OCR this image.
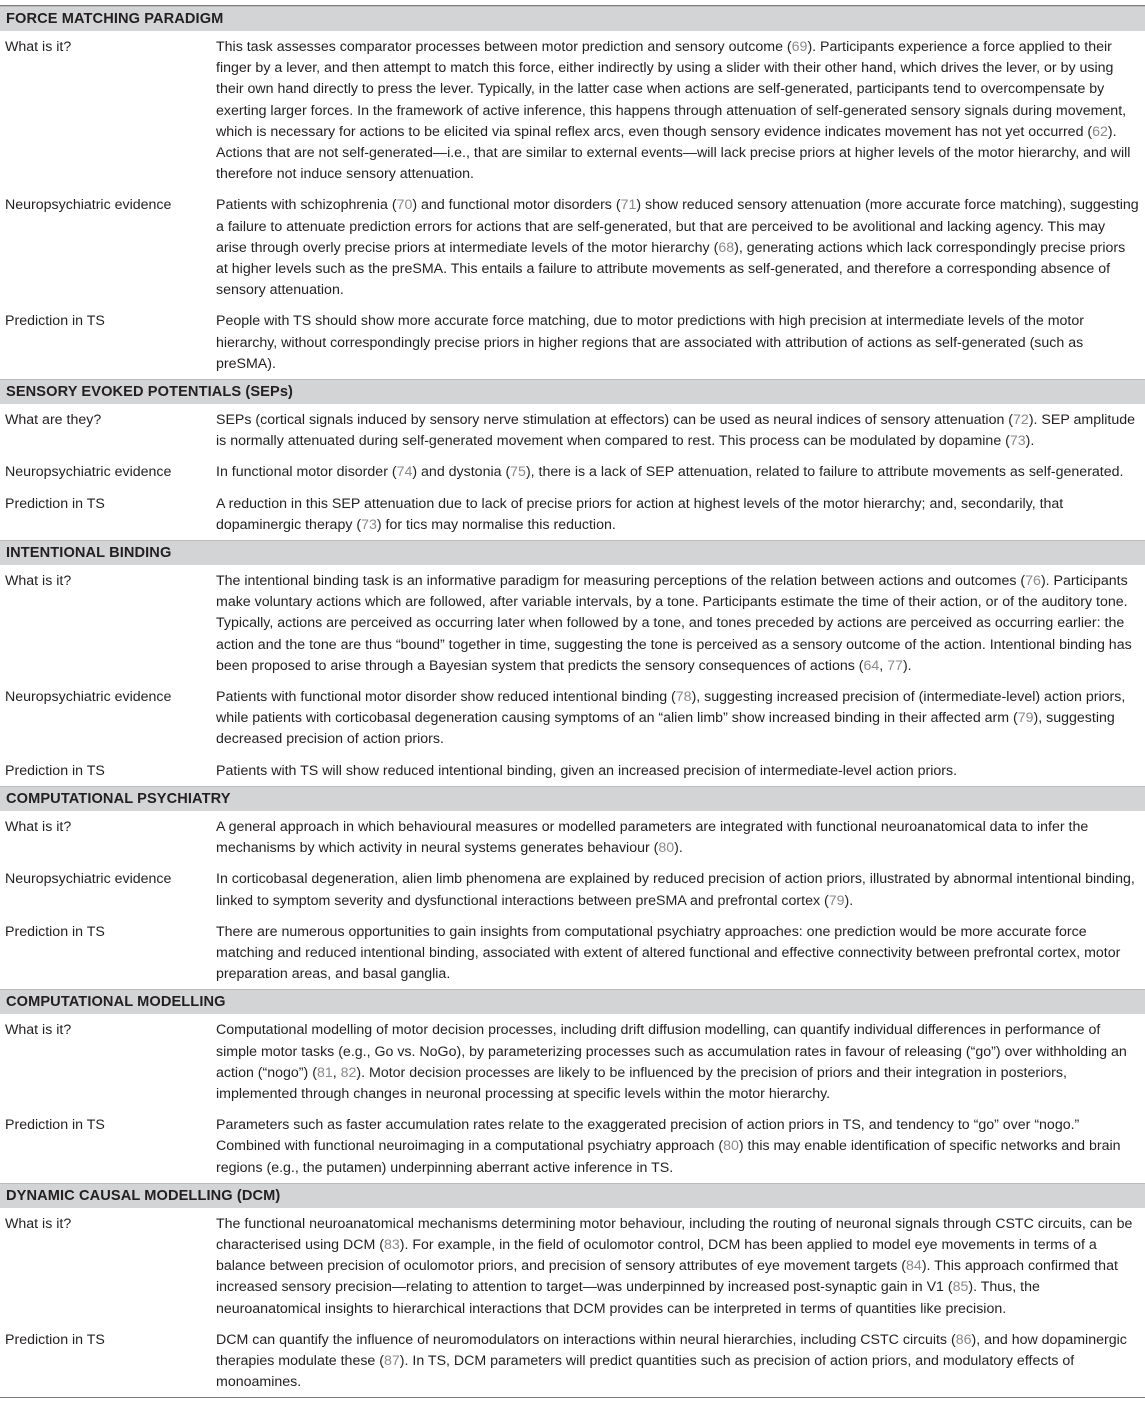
FORCE MATCHING PARADIGM
What is it?	This task assesses comparator processes between motor prediction and sensory outcome (69). Participants experience a force applied to their finger by a lever, and then attempt to match this force, either indirectly by using a slider with their other hand, which drives the lever, or by using their own hand directly to press the lever. Typically, in the latter case when actions are self-generated, participants tend to overcompensate by exerting larger forces. In the framework of active inference, this happens through attenuation of self-generated sensory signals during movement, which is necessary for actions to be elicited via spinal reflex arcs, even though sensory evidence indicates movement has not yet occurred (62). Actions that are not self-generated—i.e., that are similar to external events—will lack precise priors at higher levels of the motor hierarchy, and will therefore not induce sensory attenuation.
Neuropsychiatric evidence	Patients with schizophrenia (70) and functional motor disorders (71) show reduced sensory attenuation (more accurate force matching), suggesting a failure to attenuate prediction errors for actions that are self-generated, but that are perceived to be avolitional and lacking agency. This may arise through overly precise priors at intermediate levels of the motor hierarchy (68), generating actions which lack correspondingly precise priors at higher levels such as the preSMA. This entails a failure to attribute movements as self-generated, and therefore a corresponding absence of sensory attenuation.
Prediction in TS	People with TS should show more accurate force matching, due to motor predictions with high precision at intermediate levels of the motor hierarchy, without correspondingly precise priors in higher regions that are associated with attribution of actions as self-generated (such as preSMA).
SENSORY EVOKED POTENTIALS (SEPs)
What are they?	SEPs (cortical signals induced by sensory nerve stimulation at effectors) can be used as neural indices of sensory attenuation (72). SEP amplitude is normally attenuated during self-generated movement when compared to rest. This process can be modulated by dopamine (73).
Neuropsychiatric evidence	In functional motor disorder (74) and dystonia (75), there is a lack of SEP attenuation, related to failure to attribute movements as self-generated.
Prediction in TS	A reduction in this SEP attenuation due to lack of precise priors for action at highest levels of the motor hierarchy; and, secondarily, that dopaminergic therapy (73) for tics may normalise this reduction.
INTENTIONAL BINDING
What is it?	The intentional binding task is an informative paradigm for measuring perceptions of the relation between actions and outcomes (76). Participants make voluntary actions which are followed, after variable intervals, by a tone. Participants estimate the time of their action, or of the auditory tone. Typically, actions are perceived as occurring later when followed by a tone, and tones preceded by actions are perceived as occurring earlier: the action and the tone are thus “bound” together in time, suggesting the tone is perceived as a sensory outcome of the action. Intentional binding has been proposed to arise through a Bayesian system that predicts the sensory consequences of actions (64, 77).
Neuropsychiatric evidence	Patients with functional motor disorder show reduced intentional binding (78), suggesting increased precision of (intermediate-level) action priors, while patients with corticobasal degeneration causing symptoms of an “alien limb” show increased binding in their affected arm (79), suggesting decreased precision of action priors.
Prediction in TS	Patients with TS will show reduced intentional binding, given an increased precision of intermediate-level action priors.
COMPUTATIONAL PSYCHIATRY
What is it?	A general approach in which behavioural measures or modelled parameters are integrated with functional neuroanatomical data to infer the mechanisms by which activity in neural systems generates behaviour (80).
Neuropsychiatric evidence	In corticobasal degeneration, alien limb phenomena are explained by reduced precision of action priors, illustrated by abnormal intentional binding, linked to symptom severity and dysfunctional interactions between preSMA and prefrontal cortex (79).
Prediction in TS	There are numerous opportunities to gain insights from computational psychiatry approaches: one prediction would be more accurate force matching and reduced intentional binding, associated with extent of altered functional and effective connectivity between prefrontal cortex, motor preparation areas, and basal ganglia.
COMPUTATIONAL MODELLING
What is it?	Computational modelling of motor decision processes, including drift diffusion modelling, can quantify individual differences in performance of simple motor tasks (e.g., Go vs. NoGo), by parameterizing processes such as accumulation rates in favour of releasing (“go”) over withholding an action (“nogo”) (81, 82). Motor decision processes are likely to be influenced by the precision of priors and their integration in posteriors, implemented through changes in neuronal processing at specific levels within the motor hierarchy.
Prediction in TS	Parameters such as faster accumulation rates relate to the exaggerated precision of action priors in TS, and tendency to “go” over “nogo.” Combined with functional neuroimaging in a computational psychiatry approach (80) this may enable identification of specific networks and brain regions (e.g., the putamen) underpinning aberrant active inference in TS.
DYNAMIC CAUSAL MODELLING (DCM)
What is it?	The functional neuroanatomical mechanisms determining motor behaviour, including the routing of neuronal signals through CSTC circuits, can be characterised using DCM (83). For example, in the field of oculomotor control, DCM has been applied to model eye movements in terms of a balance between precision of oculomotor priors, and precision of sensory attributes of eye movement targets (84). This approach confirmed that increased sensory precision—relating to attention to target—was underpinned by increased post-synaptic gain in V1 (85). Thus, the neuroanatomical insights to hierarchical interactions that DCM provides can be interpreted in terms of quantities like precision.
Prediction in TS	DCM can quantify the influence of neuromodulators on interactions within neural hierarchies, including CSTC circuits (86), and how dopaminergic therapies modulate these (87). In TS, DCM parameters will predict quantities such as precision of action priors, and modulatory effects of monoamines.
